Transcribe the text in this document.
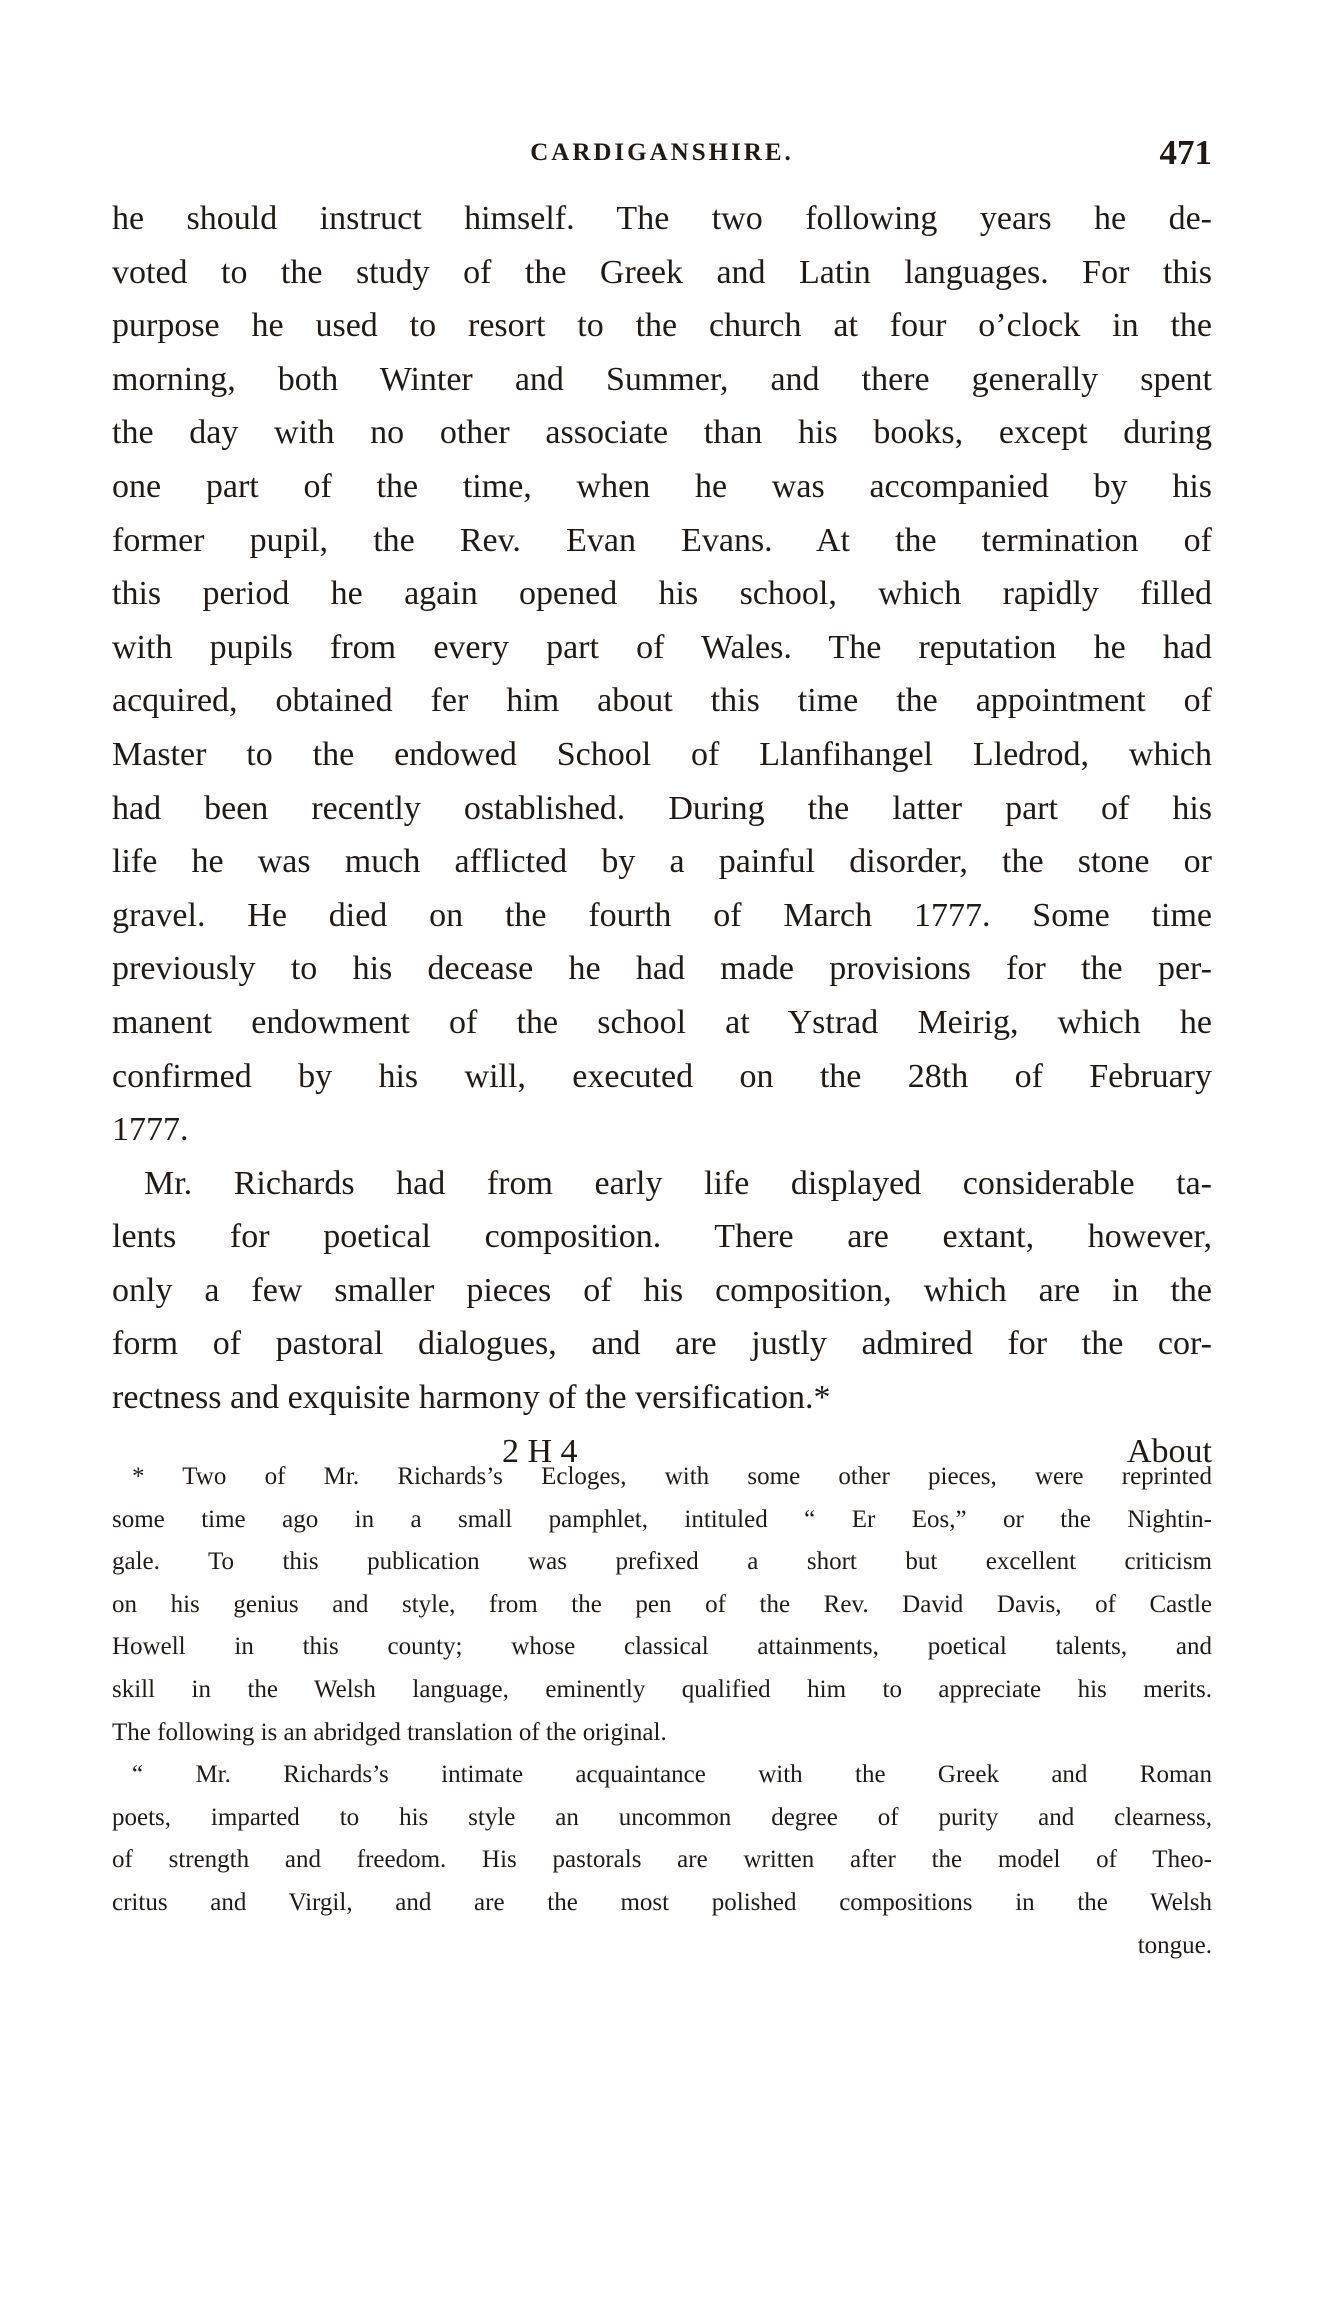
CARDIGANSHIRE.	471
he should instruct himself. The two following years he de-
voted to the study of the Greek and Latin languages. For this
purpose he used to resort to the church at four o’clock in the
morning, both Winter and Summer, and there generally spent
the day with no other associate than his books, except during
one part of the time, when he was accompanied by his
former pupil, the Rev. Evan Evans. At the termination of
this period he again opened his school, which rapidly filled
with pupils from every part of Wales. The reputation he had
acquired, obtained fer him about this time the appointment of
Master to the endowed School of Llanfihangel Lledrod, which
had been recently ostablished. During the latter part of his
life he was much afflicted by a painful disorder, the stone or
gravel. He died on the fourth of March 1777. Some time
previously to his decease he had made provisions for the per-
manent endowment of the school at Ystrad Meirig, which he
confirmed by his will, executed on the 28th of February
1777.
Mr. Richards had from early life displayed considerable ta-
lents for poetical composition. There are extant, however,
only a few smaller pieces of his composition, which are in the
form of pastoral dialogues, and are justly admired for the cor-
rectness and exquisite harmony of the versification.*
2 H 4	About
* Two of Mr. Richards’s Ecloges, with some other pieces, were reprinted
some time ago in a small pamphlet, intituled “ Er Eos,” or the Nightin-
gale. To this publication was prefixed a short but excellent criticism
on his genius and style, from the pen of the Rev. David Davis, of Castle
Howell in this county; whose classical attainments, poetical talents, and
skill in the Welsh language, eminently qualified him to appreciate his merits.
The following is an abridged translation of the original.
“ Mr. Richards’s intimate acquaintance with the Greek and Roman
poets, imparted to his style an uncommon degree of purity and clearness,
of strength and freedom. His pastorals are written after the model of Theo-
critus and Virgil, and are the most polished compositions in the Welsh
tongue.
